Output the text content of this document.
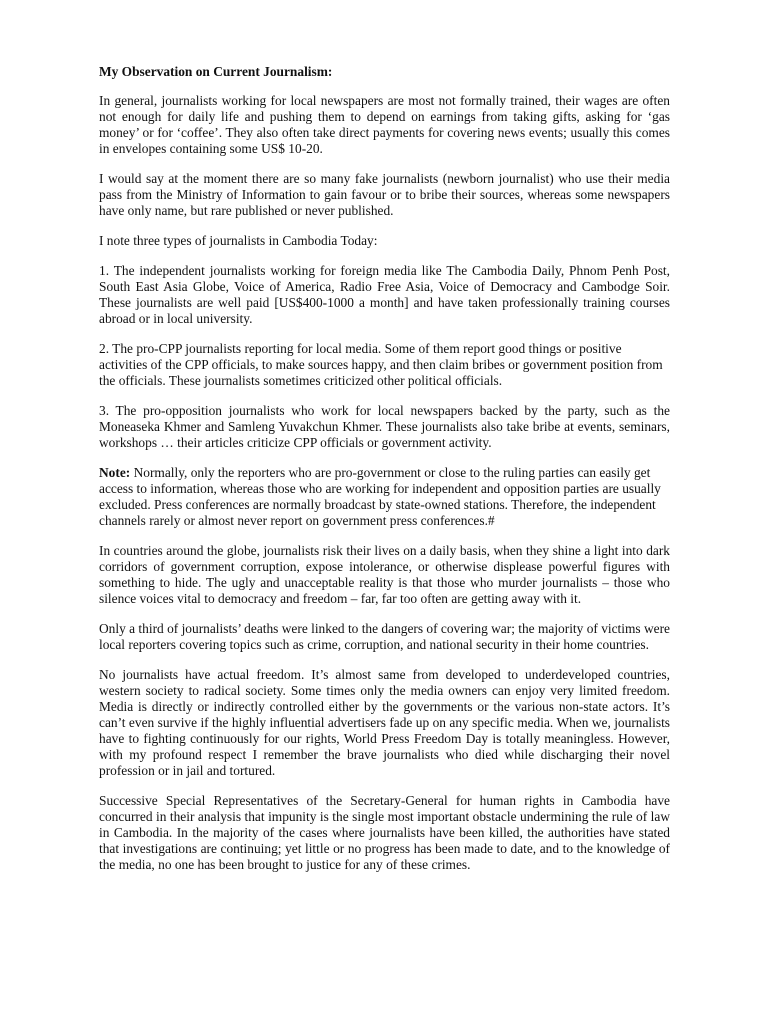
My Observation on Current Journalism:

In general, journalists working for local newspapers are most not formally trained, their wages are often not enough for daily life and pushing them to depend on earnings from taking gifts, asking for ‘gas money’ or for ‘coffee’. They also often take direct payments for covering news events; usually this comes in envelopes containing some US$ 10-20.

I would say at the moment there are so many fake journalists (newborn journalist) who use their media pass from the Ministry of Information to gain favour or to bribe their sources, whereas some newspapers have only name, but rare published or never published.

I note three types of journalists in Cambodia Today:

1. The independent journalists working for foreign media like The Cambodia Daily, Phnom Penh Post, South East Asia Globe, Voice of America, Radio Free Asia, Voice of Democracy and Cambodge Soir. These journalists are well paid [US$400-1000 a month] and have taken professionally training courses abroad or in local university.

2. The pro-CPP journalists reporting for local media. Some of them report good things or positive activities of the CPP officials, to make sources happy, and then claim bribes or government position from the officials. These journalists sometimes criticized other political officials.

3. The pro-opposition journalists who work for local newspapers backed by the party, such as the Moneaseka Khmer and Samleng Yuvakchun Khmer. These journalists also take bribe at events, seminars, workshops … their articles criticize CPP officials or government activity.

Note: Normally, only the reporters who are pro-government or close to the ruling parties can easily get access to information, whereas those who are working for independent and opposition parties are usually excluded. Press conferences are normally broadcast by state-owned stations. Therefore, the independent channels rarely or almost never report on government press conferences.#

In countries around the globe, journalists risk their lives on a daily basis, when they shine a light into dark corridors of government corruption, expose intolerance, or otherwise displease powerful figures with something to hide. The ugly and unacceptable reality is that those who murder journalists – those who silence voices vital to democracy and freedom – far, far too often are getting away with it.

Only a third of journalists’ deaths were linked to the dangers of covering war; the majority of victims were local reporters covering topics such as crime, corruption, and national security in their home countries.

No journalists have actual freedom. It’s almost same from developed to underdeveloped countries, western society to radical society. Some times only the media owners can enjoy very limited freedom. Media is directly or indirectly controlled either by the governments or the various non-state actors. It’s can’t even survive if the highly influential advertisers fade up on any specific media. When we, journalists have to fighting continuously for our rights, World Press Freedom Day is totally meaningless. However, with my profound respect I remember the brave journalists who died while discharging their novel profession or in jail and tortured.

Successive Special Representatives of the Secretary-General for human rights in Cambodia have concurred in their analysis that impunity is the single most important obstacle undermining the rule of law in Cambodia. In the majority of the cases where journalists have been killed, the authorities have stated that investigations are continuing; yet little or no progress has been made to date, and to the knowledge of the media, no one has been brought to justice for any of these crimes.
